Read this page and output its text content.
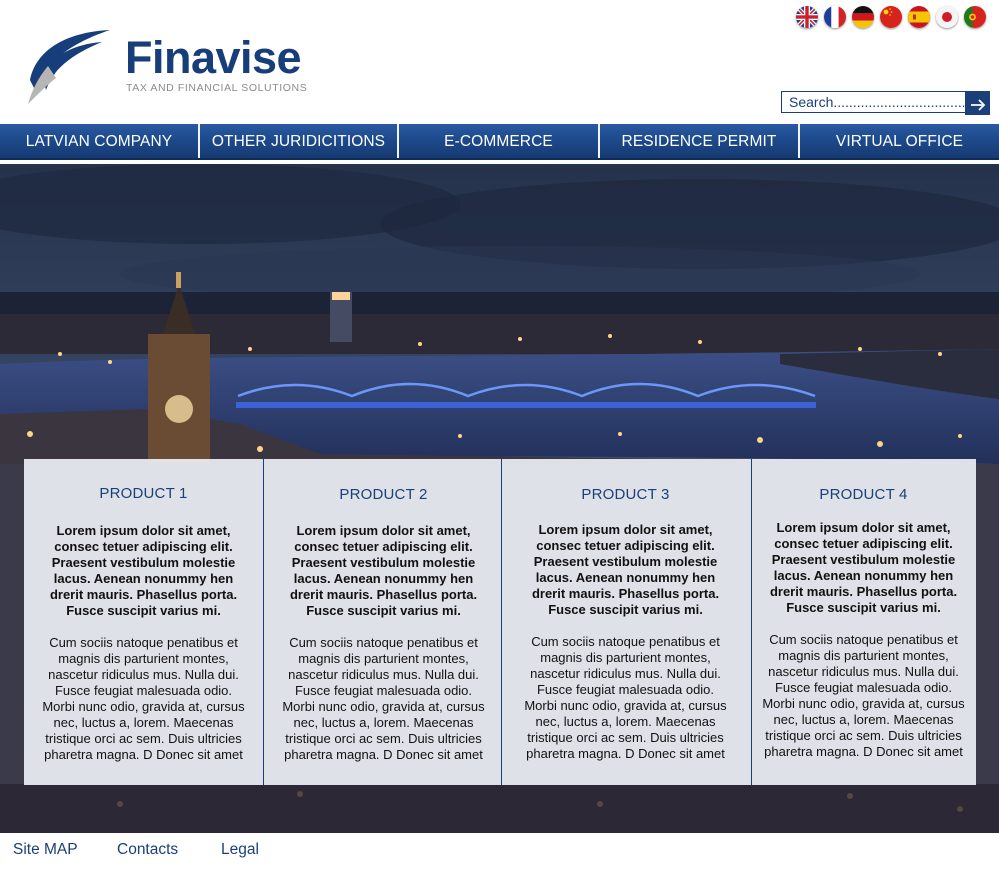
Finavise
TAX AND FINANCIAL SOLUTIONS
Search....................................
LATVIAN COMPANY	OTHER JURIDICITIONS	E-COMMERCE	RESIDENCE PERMIT	VIRTUAL OFFICE
PRODUCT 1
Lorem ipsum dolor sit amet,
consec tetuer adipiscing elit.
Praesent vestibulum molestie
lacus. Aenean nonummy hen
drerit mauris. Phasellus porta.
Fusce suscipit varius mi.
Cum sociis natoque penatibus et
magnis dis parturient montes,
nascetur ridiculus mus. Nulla dui.
Fusce feugiat malesuada odio.
Morbi nunc odio, gravida at, cursus
nec, luctus a, lorem. Maecenas
tristique orci ac sem. Duis ultricies
pharetra magna. D Donec sit amet
PRODUCT 2
Lorem ipsum dolor sit amet,
consec tetuer adipiscing elit.
Praesent vestibulum molestie
lacus. Aenean nonummy hen
drerit mauris. Phasellus porta.
Fusce suscipit varius mi.
Cum sociis natoque penatibus et
magnis dis parturient montes,
nascetur ridiculus mus. Nulla dui.
Fusce feugiat malesuada odio.
Morbi nunc odio, gravida at, cursus
nec, luctus a, lorem. Maecenas
tristique orci ac sem. Duis ultricies
pharetra magna. D Donec sit amet
PRODUCT 3
Lorem ipsum dolor sit amet,
consec tetuer adipiscing elit.
Praesent vestibulum molestie
lacus. Aenean nonummy hen
drerit mauris. Phasellus porta.
Fusce suscipit varius mi.
Cum sociis natoque penatibus et
magnis dis parturient montes,
nascetur ridiculus mus. Nulla dui.
Fusce feugiat malesuada odio.
Morbi nunc odio, gravida at, cursus
nec, luctus a, lorem. Maecenas
tristique orci ac sem. Duis ultricies
pharetra magna. D Donec sit amet
PRODUCT 4
Lorem ipsum dolor sit amet,
consec tetuer adipiscing elit.
Praesent vestibulum molestie
lacus. Aenean nonummy hen
drerit mauris. Phasellus porta.
Fusce suscipit varius mi.
Cum sociis natoque penatibus et
magnis dis parturient montes,
nascetur ridiculus mus. Nulla dui.
Fusce feugiat malesuada odio.
Morbi nunc odio, gravida at, cursus
nec, luctus a, lorem. Maecenas
tristique orci ac sem. Duis ultricies
pharetra magna. D Donec sit amet
Site MAP	Contacts	Legal
